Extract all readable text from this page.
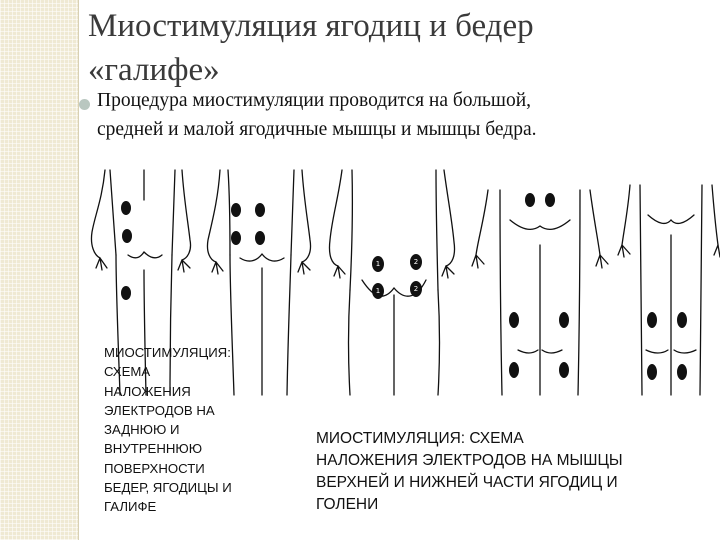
Миостимуляция ягодиц и бедер
«галифе»
Процедура миостимуляции проводится на большой,
средней и малой ягодичные мышцы и мышцы бедра.
1	2
1	2
МИОСТИМУЛЯЦИЯ:
СХЕМА
НАЛОЖЕНИЯ
ЭЛЕКТРОДОВ НА
ЗАДНЮЮ И
ВНУТРЕННЮЮ
ПОВЕРХНОСТИ
БЕДЕР, ЯГОДИЦЫ И
ГАЛИФЕ
МИОСТИМУЛЯЦИЯ: СХЕМА
НАЛОЖЕНИЯ ЭЛЕКТРОДОВ НА МЫШЦЫ
ВЕРХНЕЙ И НИЖНЕЙ ЧАСТИ ЯГОДИЦ И
ГОЛЕНИ
